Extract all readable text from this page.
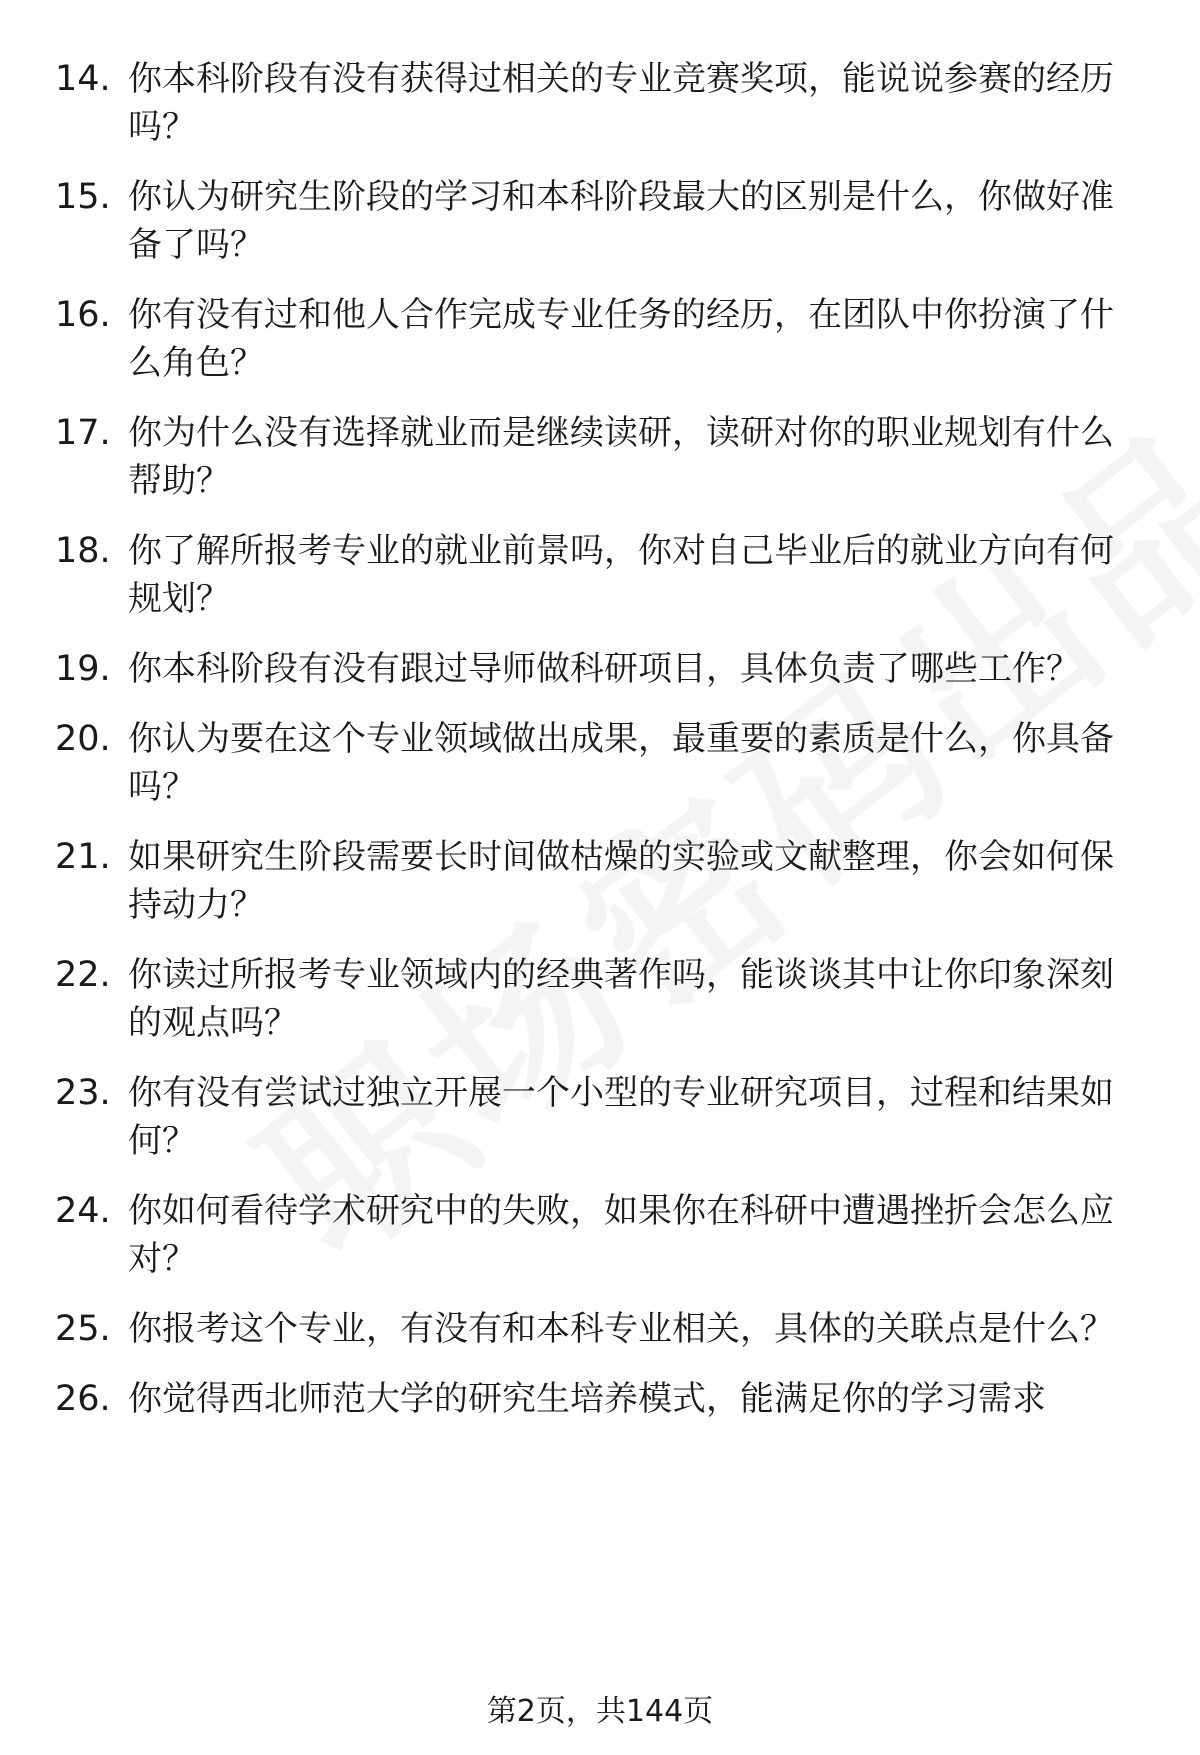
14. 你本科阶段有没有获得过相关的专业竞赛奖项，能说说参赛的经历吗？
15. 你认为研究生阶段的学习和本科阶段最大的区别是什么，你做好准备了吗？
16. 你有没有过和他人合作完成专业任务的经历，在团队中你扮演了什么角色？
17. 你为什么没有选择就业而是继续读研，读研对你的职业规划有什么帮助？
18. 你了解所报考专业的就业前景吗，你对自己毕业后的就业方向有何规划？
19. 你本科阶段有没有跟过导师做科研项目，具体负责了哪些工作？
20. 你认为要在这个专业领域做出成果，最重要的素质是什么，你具备吗？
21. 如果研究生阶段需要长时间做枯燥的实验或文献整理，你会如何保持动力？
22. 你读过所报考专业领域内的经典著作吗，能谈谈其中让你印象深刻的观点吗？
23. 你有没有尝试过独立开展一个小型的专业研究项目，过程和结果如何？
24. 你如何看待学术研究中的失败，如果你在科研中遭遇挫折会怎么应对？
25. 你报考这个专业，有没有和本科专业相关，具体的关联点是什么？
26. 你觉得西北师范大学的研究生培养模式，能满足你的学习需求
第2页，共144页
